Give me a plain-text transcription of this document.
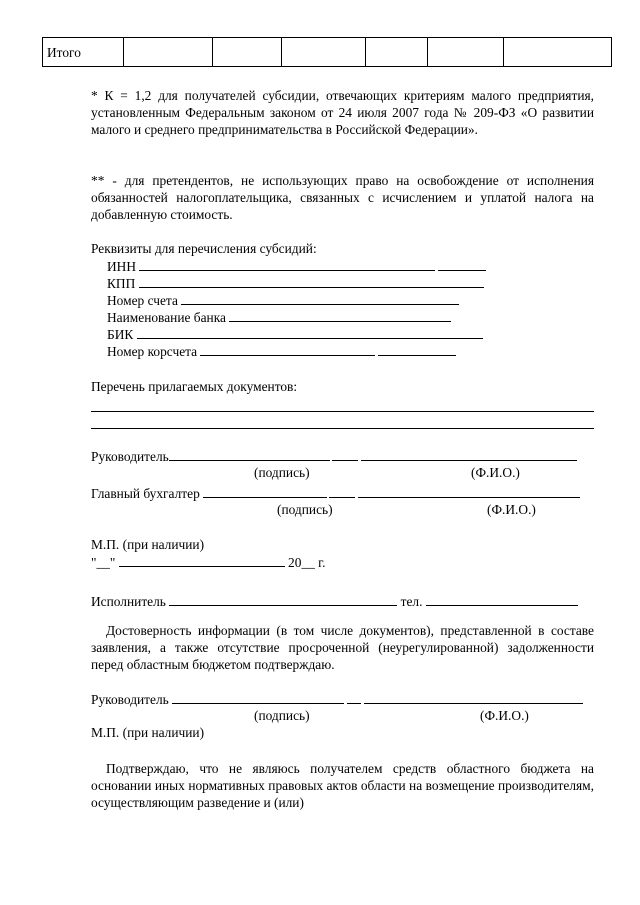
Итого						
* К = 1,2 для получателей субсидии, отвечающих критериям малого предприятия, установленным Федеральным законом от 24 июля 2007 года № 209-ФЗ «О развитии малого и среднего предпринимательства в Российской Федерации».
** - для претендентов, не использующих право на освобождение от исполнения обязанностей налогоплательщика, связанных с исчислением и уплатой налога на добавленную стоимость.
Реквизиты для перечисления субсидий:
ИНН
КПП
Номер счета
Наименование банка
БИК
Номер корсчета
Перечень прилагаемых документов:
Руководитель
(подпись)	(Ф.И.О.)
Главный бухгалтер
(подпись)	(Ф.И.О.)
М.П. (при наличии)
"__"	20__ г.
Исполнитель	тел.
Достоверность информации (в том числе документов), представленной в составе заявления, а также отсутствие просроченной (неурегулированной) задолженности перед областным бюджетом подтверждаю.
Руководитель
(подпись)	(Ф.И.О.)
М.П. (при наличии)
Подтверждаю, что не являюсь получателем средств областного бюджета на основании иных нормативных правовых актов области на возмещение производителям, осуществляющим разведение и (или)
